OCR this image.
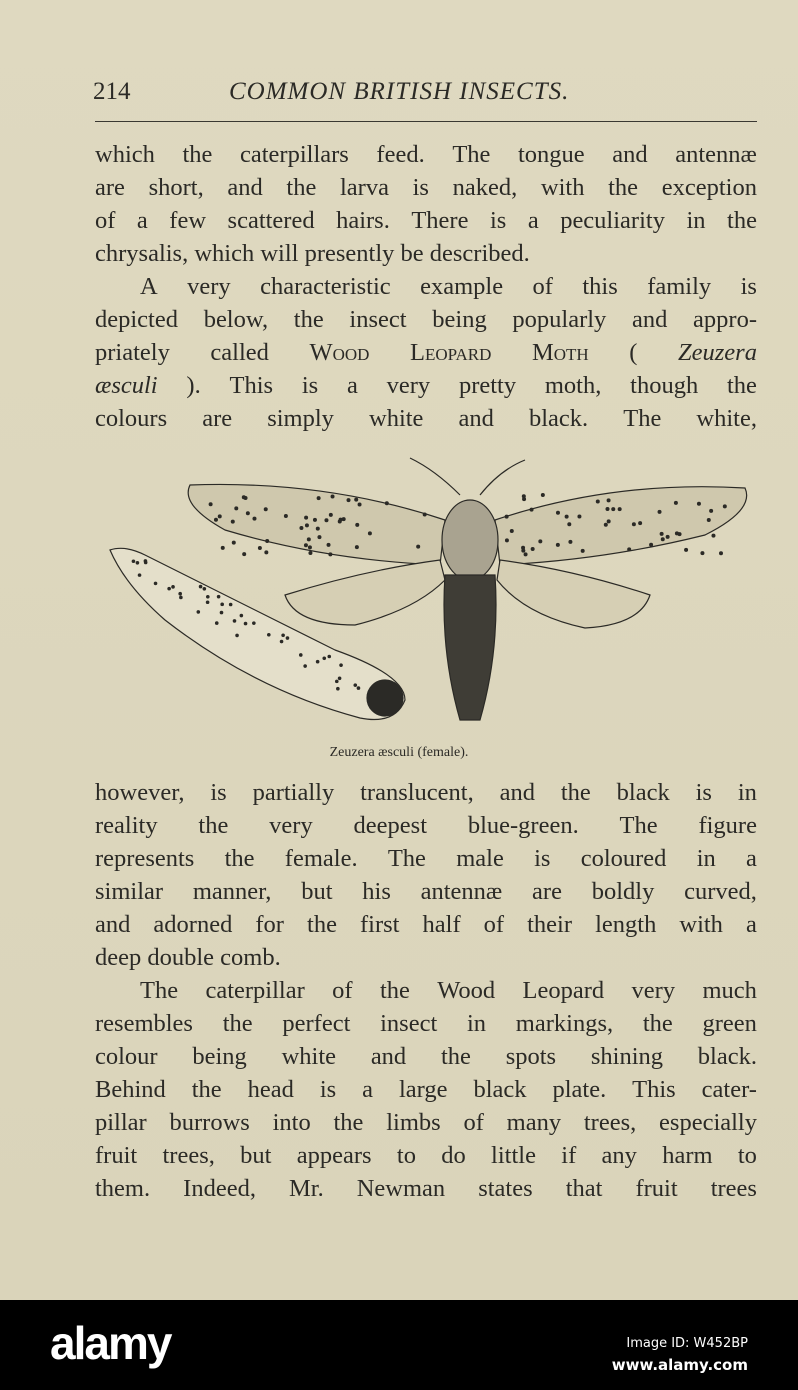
214	COMMON BRITISH INSECTS.
which the caterpillars feed. The tongue and antennæ
are short, and the larva is naked, with the exception
of a few scattered hairs. There is a peculiarity in the
chrysalis, which will presently be described.
A very characteristic example of this family is
depicted below, the insect being popularly and appro-
priately called Wood Leopard Moth ( Zeuzera
æsculi ). This is a very pretty moth, though the
colours are simply white and black. The white,
Zeuzera æsculi (female).
however, is partially translucent, and the black is in
reality the very deepest blue-green. The figure
represents the female. The male is coloured in a
similar manner, but his antennæ are boldly curved,
and adorned for the first half of their length with a
deep double comb.
The caterpillar of the Wood Leopard very much
resembles the perfect insect in markings, the green
colour being white and the spots shining black.
Behind the head is a large black plate. This cater-
pillar burrows into the limbs of many trees, especially
fruit trees, but appears to do little if any harm to
them. Indeed, Mr. Newman states that fruit trees
alamy	Image ID: W452BP
www.alamy.com
